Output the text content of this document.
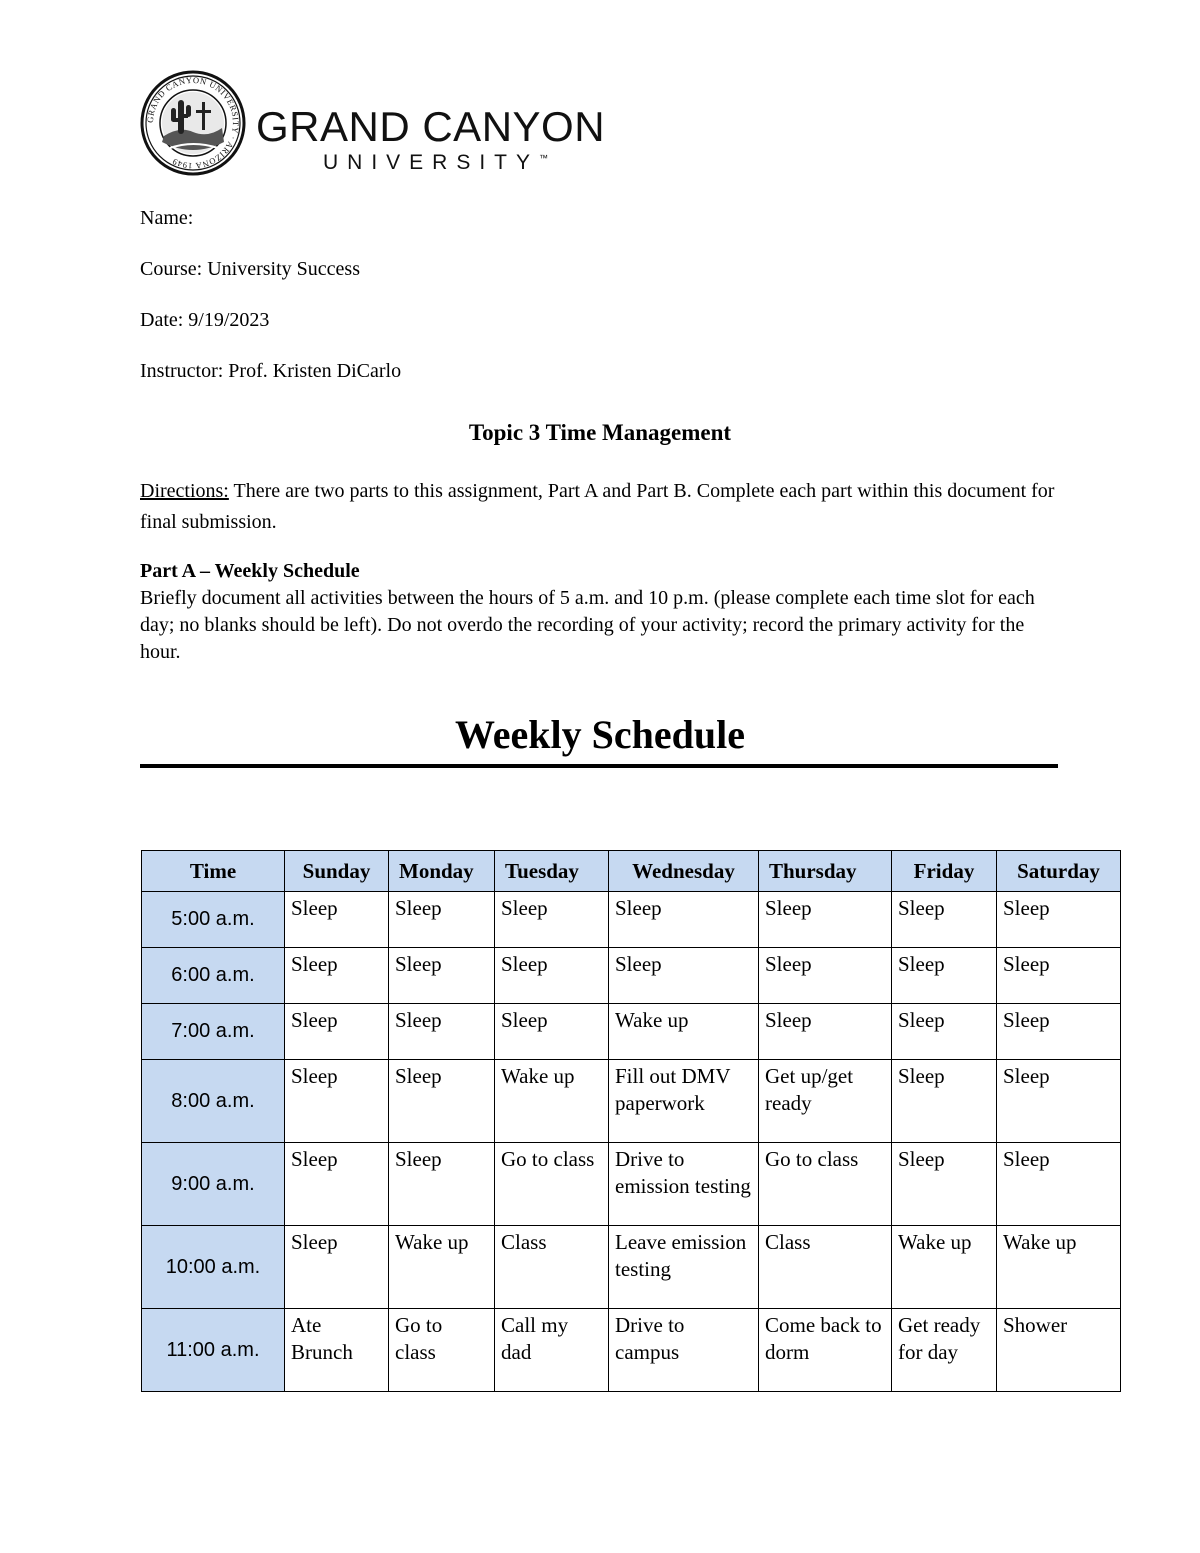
GRAND CANYON UNIVERSITY · ARIZONA 1949
GRAND CANYON
UNIVERSITY™
Name:
Course: University Success
Date: 9/19/2023
Instructor: Prof. Kristen DiCarlo
Topic 3 Time Management
Directions: There are two parts to this assignment, Part A and Part B. Complete each part within this document for final submission.
Part A – Weekly Schedule
Briefly document all activities between the hours of 5 a.m. and 10 p.m. (please complete each time slot for each day; no blanks should be left). Do not overdo the recording of your activity; record the primary activity for the hour.
Weekly Schedule
Time	Sunday	Monday	Tuesday	Wednesday	Thursday	Friday	Saturday
5:00 a.m.	Sleep	Sleep	Sleep	Sleep	Sleep	Sleep	Sleep
6:00 a.m.	Sleep	Sleep	Sleep	Sleep	Sleep	Sleep	Sleep
7:00 a.m.	Sleep	Sleep	Sleep	Wake up	Sleep	Sleep	Sleep
8:00 a.m.	Sleep	Sleep	Wake up	Fill out DMV paperwork	Get up/get ready	Sleep	Sleep
9:00 a.m.	Sleep	Sleep	Go to class	Drive to emission testing	Go to class	Sleep	Sleep
10:00 a.m.	Sleep	Wake up	Class	Leave emission testing	Class	Wake up	Wake up
11:00 a.m.	Ate Brunch	Go to class	Call my dad	Drive to campus	Come back to dorm	Get ready for day	Shower
